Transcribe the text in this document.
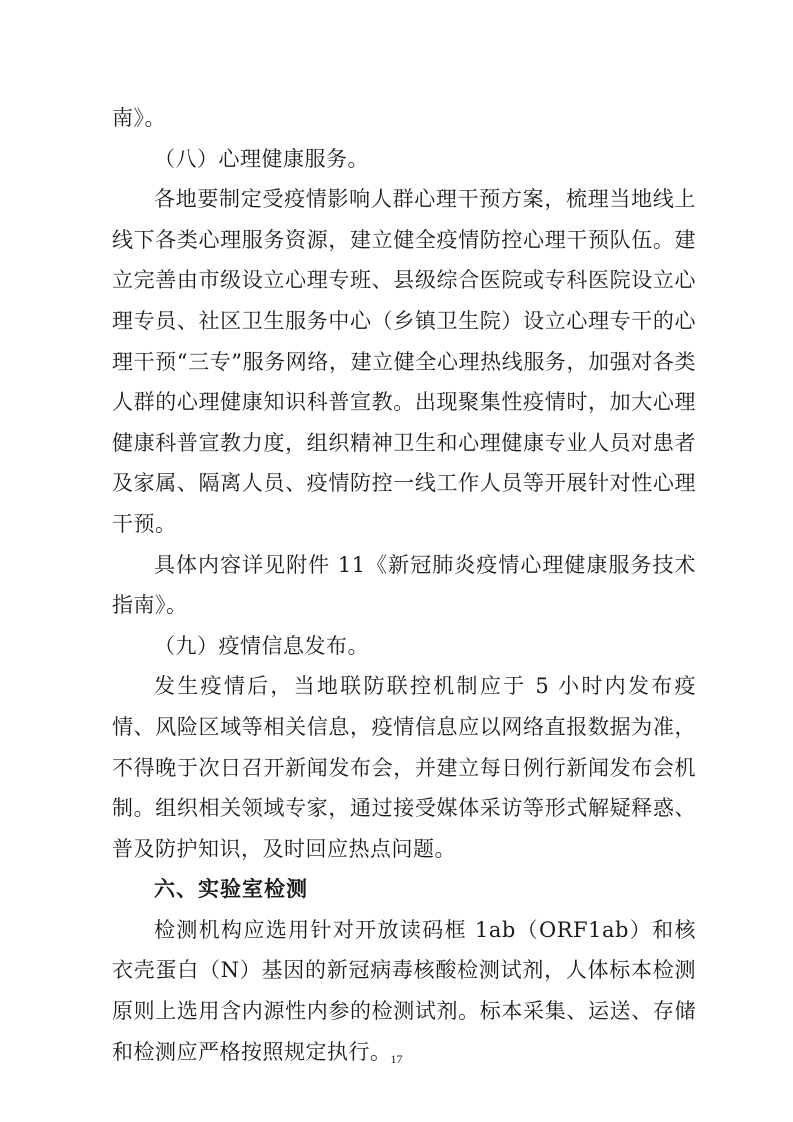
南》。

（八）心理健康服务。

各地要制定受疫情影响人群心理干预方案，梳理当地线上线下各类心理服务资源，建立健全疫情防控心理干预队伍。建立完善由市级设立心理专班、县级综合医院或专科医院设立心理专员、社区卫生服务中心（乡镇卫生院）设立心理专干的心理干预“三专”服务网络，建立健全心理热线服务，加强对各类人群的心理健康知识科普宣教。出现聚集性疫情时，加大心理健康科普宣教力度，组织精神卫生和心理健康专业人员对患者及家属、隔离人员、疫情防控一线工作人员等开展针对性心理干预。

具体内容详见附件 11《新冠肺炎疫情心理健康服务技术指南》。

（九）疫情信息发布。

发生疫情后，当地联防联控机制应于 5 小时内发布疫情、风险区域等相关信息，疫情信息应以网络直报数据为准，不得晚于次日召开新闻发布会，并建立每日例行新闻发布会机制。组织相关领域专家，通过接受媒体采访等形式解疑释惑、普及防护知识，及时回应热点问题。

六、实验室检测

检测机构应选用针对开放读码框 1ab（ORF1ab）和核衣壳蛋白（N）基因的新冠病毒核酸检测试剂，人体标本检测原则上选用含内源性内参的检测试剂。标本采集、运送、存储和检测应严格按照规定执行。 17
